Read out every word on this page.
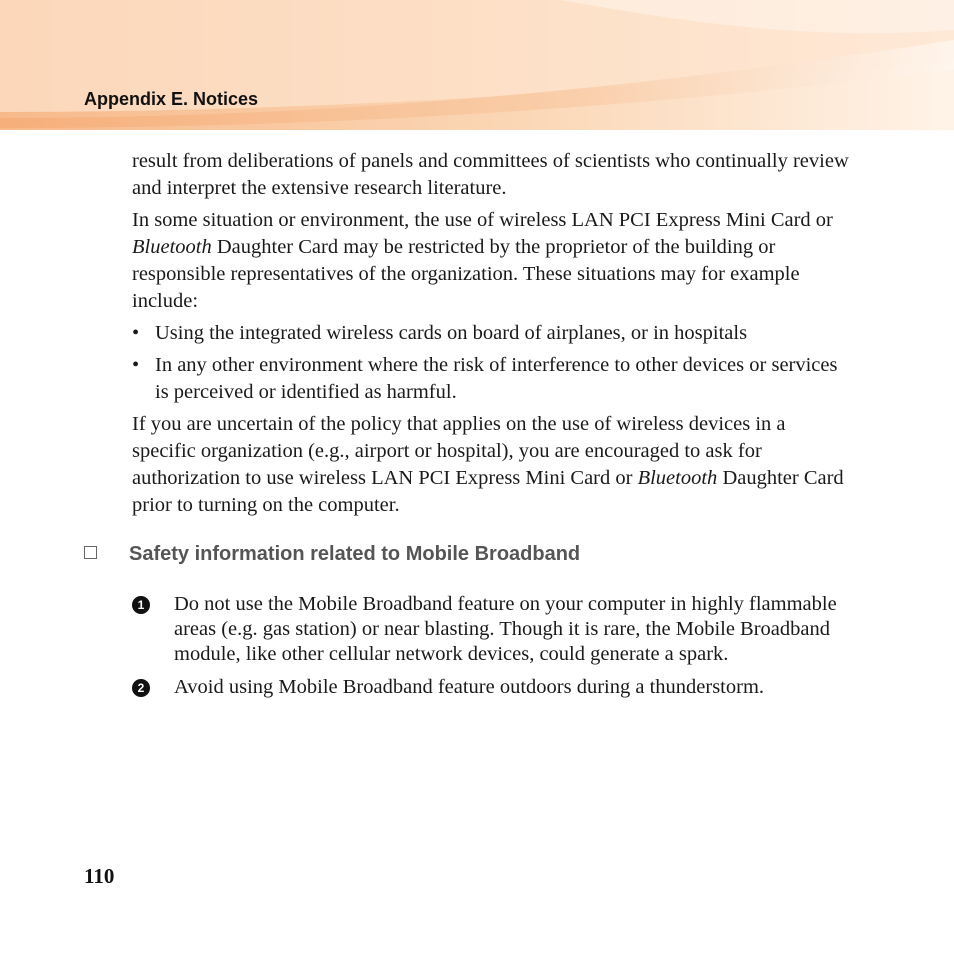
Appendix E. Notices

result from deliberations of panels and committees of scientists who continually review and interpret the extensive research literature.

In some situation or environment, the use of wireless LAN PCI Express Mini Card or Bluetooth Daughter Card may be restricted by the proprietor of the building or responsible representatives of the organization. These situations may for example include:

• Using the integrated wireless cards on board of airplanes, or in hospitals
• In any other environment where the risk of interference to other devices or services is perceived or identified as harmful.

If you are uncertain of the policy that applies on the use of wireless devices in a specific organization (e.g., airport or hospital), you are encouraged to ask for authorization to use wireless LAN PCI Express Mini Card or Bluetooth Daughter Card prior to turning on the computer.

Safety information related to Mobile Broadband
1 Do not use the Mobile Broadband feature on your computer in highly flammable areas (e.g. gas station) or near blasting. Though it is rare, the Mobile Broadband module, like other cellular network devices, could generate a spark.
2 Avoid using Mobile Broadband feature outdoors during a thunderstorm.
110
